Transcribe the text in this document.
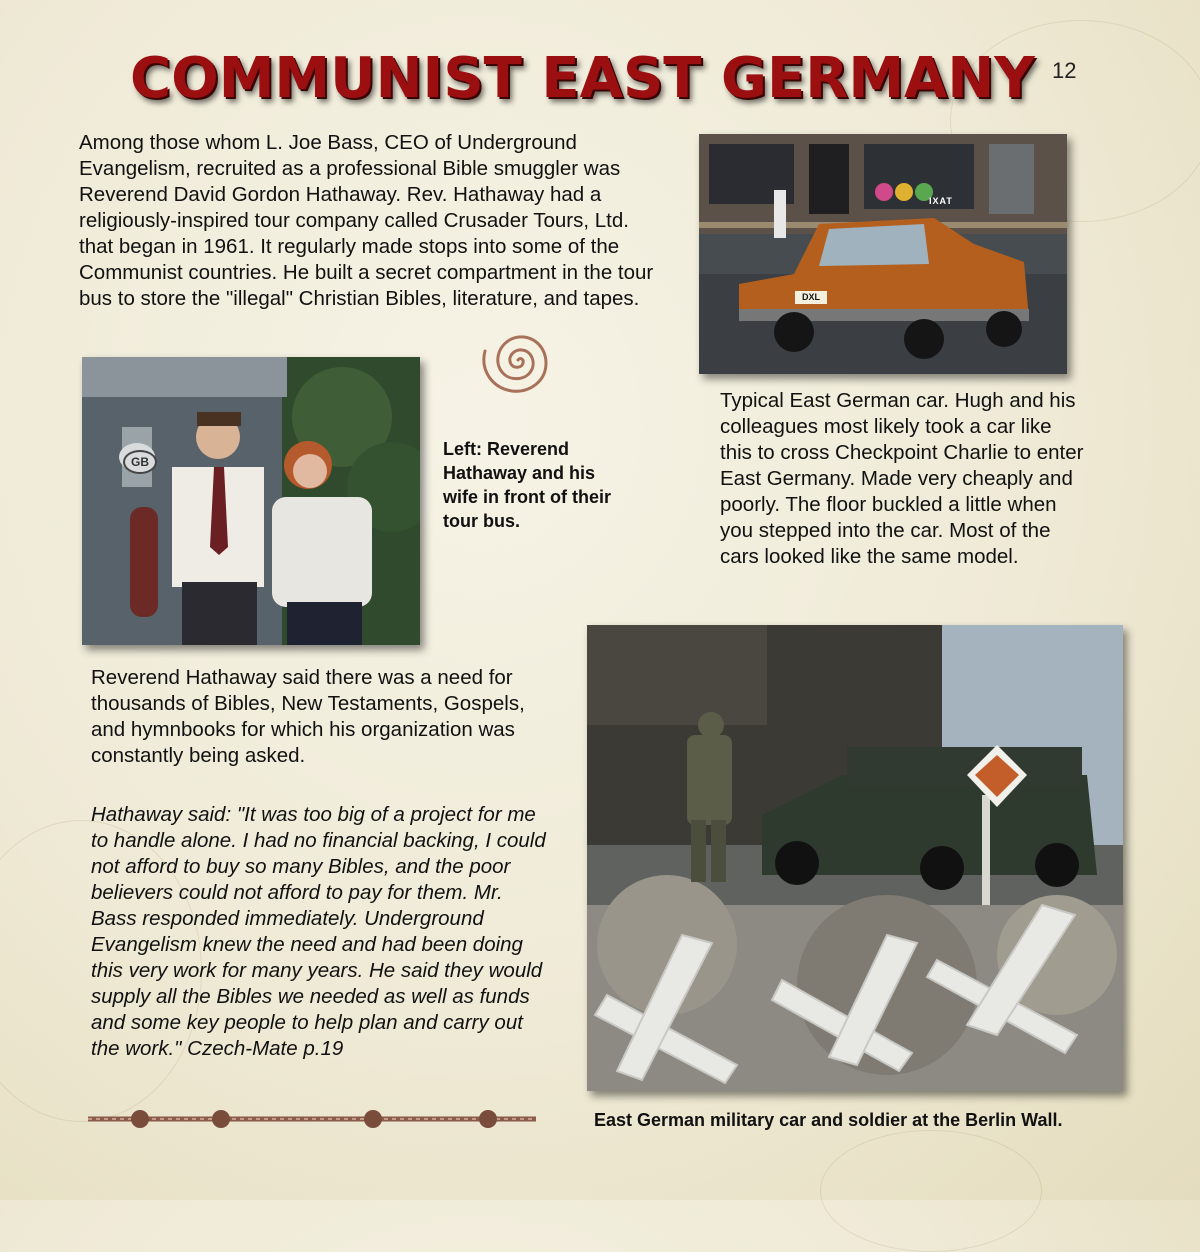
COMMUNIST EAST GERMANY 12

Among those whom L. Joe Bass, CEO of Underground Evangelism, recruited as a professional Bible smuggler was Reverend David Gordon Hathaway. Rev. Hathaway had a religiously-inspired tour company called Crusader Tours, Ltd. that began in 1961. It regularly made stops into some of the Communist countries. He built a secret compartment in the tour bus to store the "illegal" Christian Bibles, literature, and tapes.

GB

Left: Reverend Hathaway and his wife in front of their tour bus.

IXAT
DXL

Typical East German car. Hugh and his colleagues most likely took a car like this to cross Checkpoint Charlie to enter East Germany. Made very cheaply and poorly. The floor buckled a little when you stepped into the car. Most of the cars looked like the same model.

Reverend Hathaway said there was a need for thousands of Bibles, New Testaments, Gospels, and hymnbooks for which his organization was constantly being asked.

Hathaway said: "It was too big of a project for me to handle alone. I had no financial backing, I could not afford to buy so many Bibles, and the poor believers could not afford to pay for them. Mr. Bass responded immediately. Underground Evangelism knew the need and had been doing this very work for many years. He said they would supply all the Bibles we needed as well as funds and some key people to help plan and carry out the work." Czech-Mate p.19

East German military car and soldier at the Berlin Wall.
